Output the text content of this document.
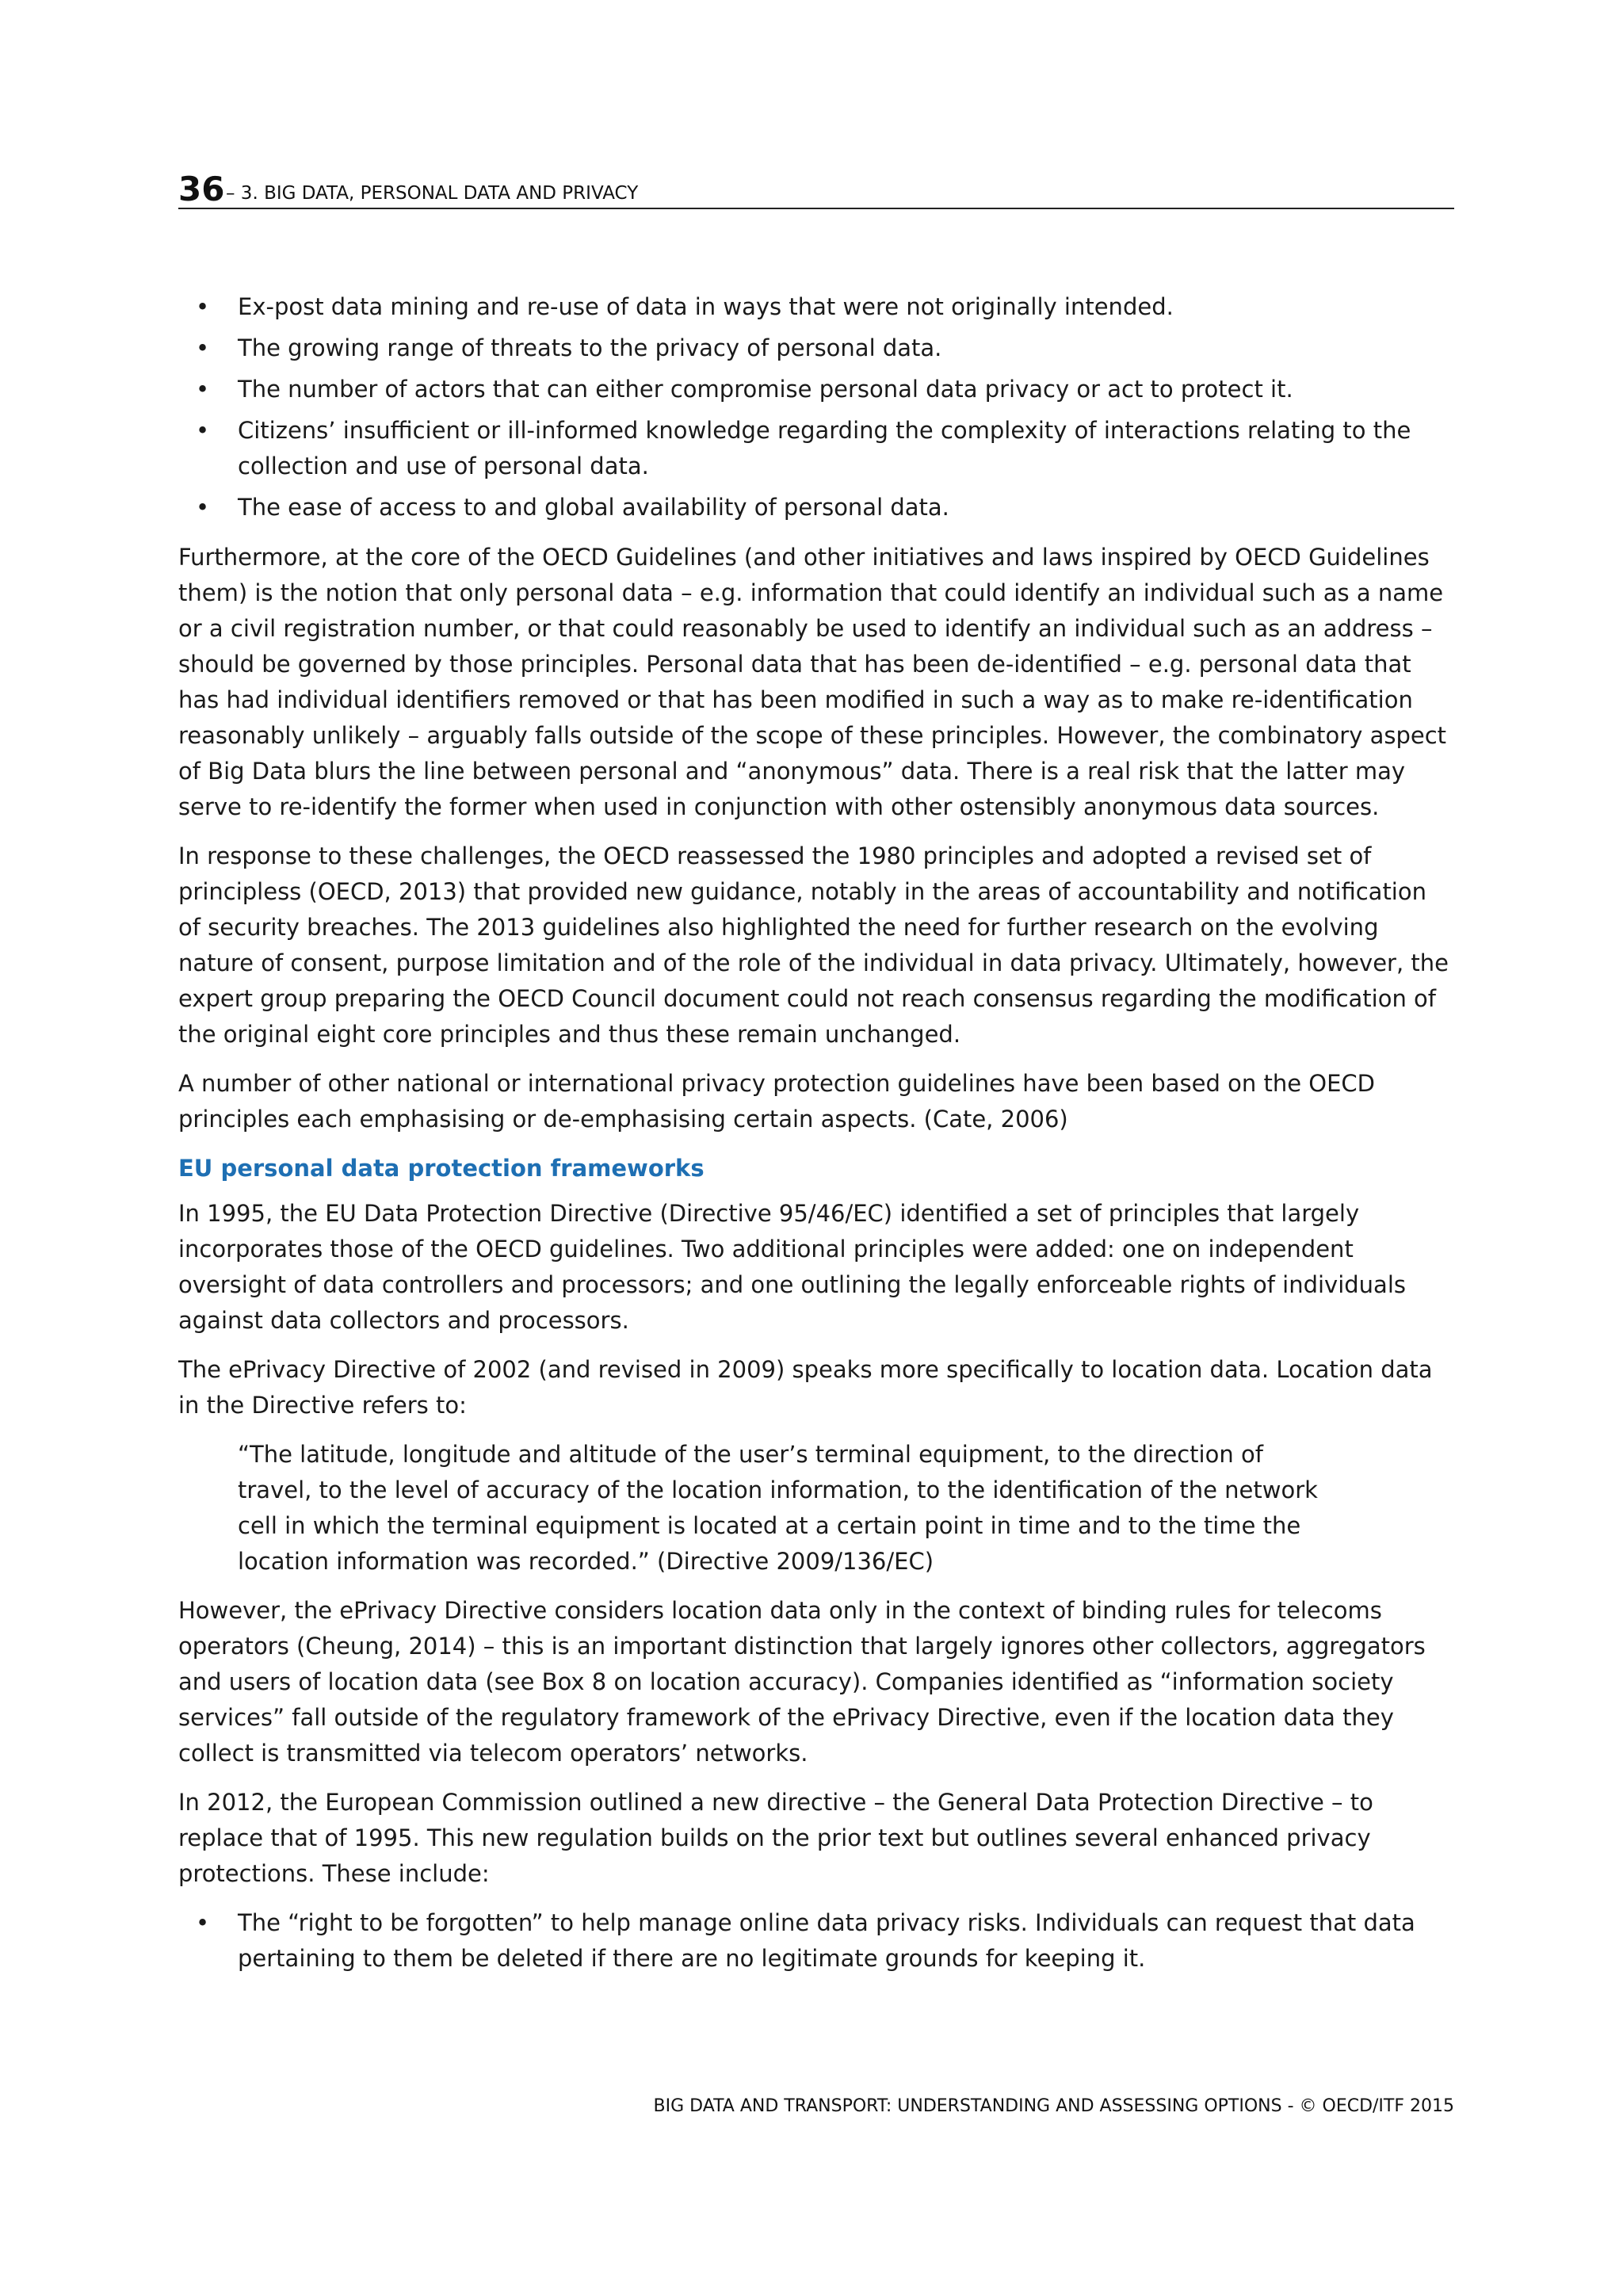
36 – 3. BIG DATA, PERSONAL DATA AND PRIVACY
• Ex-post data mining and re-use of data in ways that were not originally intended.
• The growing range of threats to the privacy of personal data.
• The number of actors that can either compromise personal data privacy or act to protect it.
• Citizens’ insufficient or ill-informed knowledge regarding the complexity of interactions relating to the collection and use of personal data.
• The ease of access to and global availability of personal data.

Furthermore, at the core of the OECD Guidelines (and other initiatives and laws inspired by OECD Guidelines them) is the notion that only personal data – e.g. information that could identify an individual such as a name or a civil registration number, or that could reasonably be used to identify an individual such as an address – should be governed by those principles. Personal data that has been de-identified – e.g. personal data that has had individual identifiers removed or that has been modified in such a way as to make re-identification reasonably unlikely – arguably falls outside of the scope of these principles. However, the combinatory aspect of Big Data blurs the line between personal and “anonymous” data. There is a real risk that the latter may serve to re-identify the former when used in conjunction with other ostensibly anonymous data sources.

In response to these challenges, the OECD reassessed the 1980 principles and adopted a revised set of principless (OECD, 2013) that provided new guidance, notably in the areas of accountability and notification of security breaches. The 2013 guidelines also highlighted the need for further research on the evolving nature of consent, purpose limitation and of the role of the individual in data privacy. Ultimately, however, the expert group preparing the OECD Council document could not reach consensus regarding the modification of the original eight core principles and thus these remain unchanged.

A number of other national or international privacy protection guidelines have been based on the OECD principles each emphasising or de-emphasising certain aspects. (Cate, 2006)

EU personal data protection frameworks

In 1995, the EU Data Protection Directive (Directive 95/46/EC) identified a set of principles that largely incorporates those of the OECD guidelines. Two additional principles were added: one on independent oversight of data controllers and processors; and one outlining the legally enforceable rights of individuals against data collectors and processors.

The ePrivacy Directive of 2002 (and revised in 2009) speaks more specifically to location data. Location data in the Directive refers to:

“The latitude, longitude and altitude of the user’s terminal equipment, to the direction of travel, to the level of accuracy of the location information, to the identification of the network cell in which the terminal equipment is located at a certain point in time and to the time the location information was recorded.” (Directive 2009/136/EC)

However, the ePrivacy Directive considers location data only in the context of binding rules for telecoms operators (Cheung, 2014) – this is an important distinction that largely ignores other collectors, aggregators and users of location data (see Box 8 on location accuracy). Companies identified as “information society services” fall outside of the regulatory framework of the ePrivacy Directive, even if the location data they collect is transmitted via telecom operators’ networks.

In 2012, the European Commission outlined a new directive – the General Data Protection Directive – to replace that of 1995. This new regulation builds on the prior text but outlines several enhanced privacy protections. These include:

• The “right to be forgotten” to help manage online data privacy risks. Individuals can request that data pertaining to them be deleted if there are no legitimate grounds for keeping it.
BIG DATA AND TRANSPORT: UNDERSTANDING AND ASSESSING OPTIONS - © OECD/ITF 2015
